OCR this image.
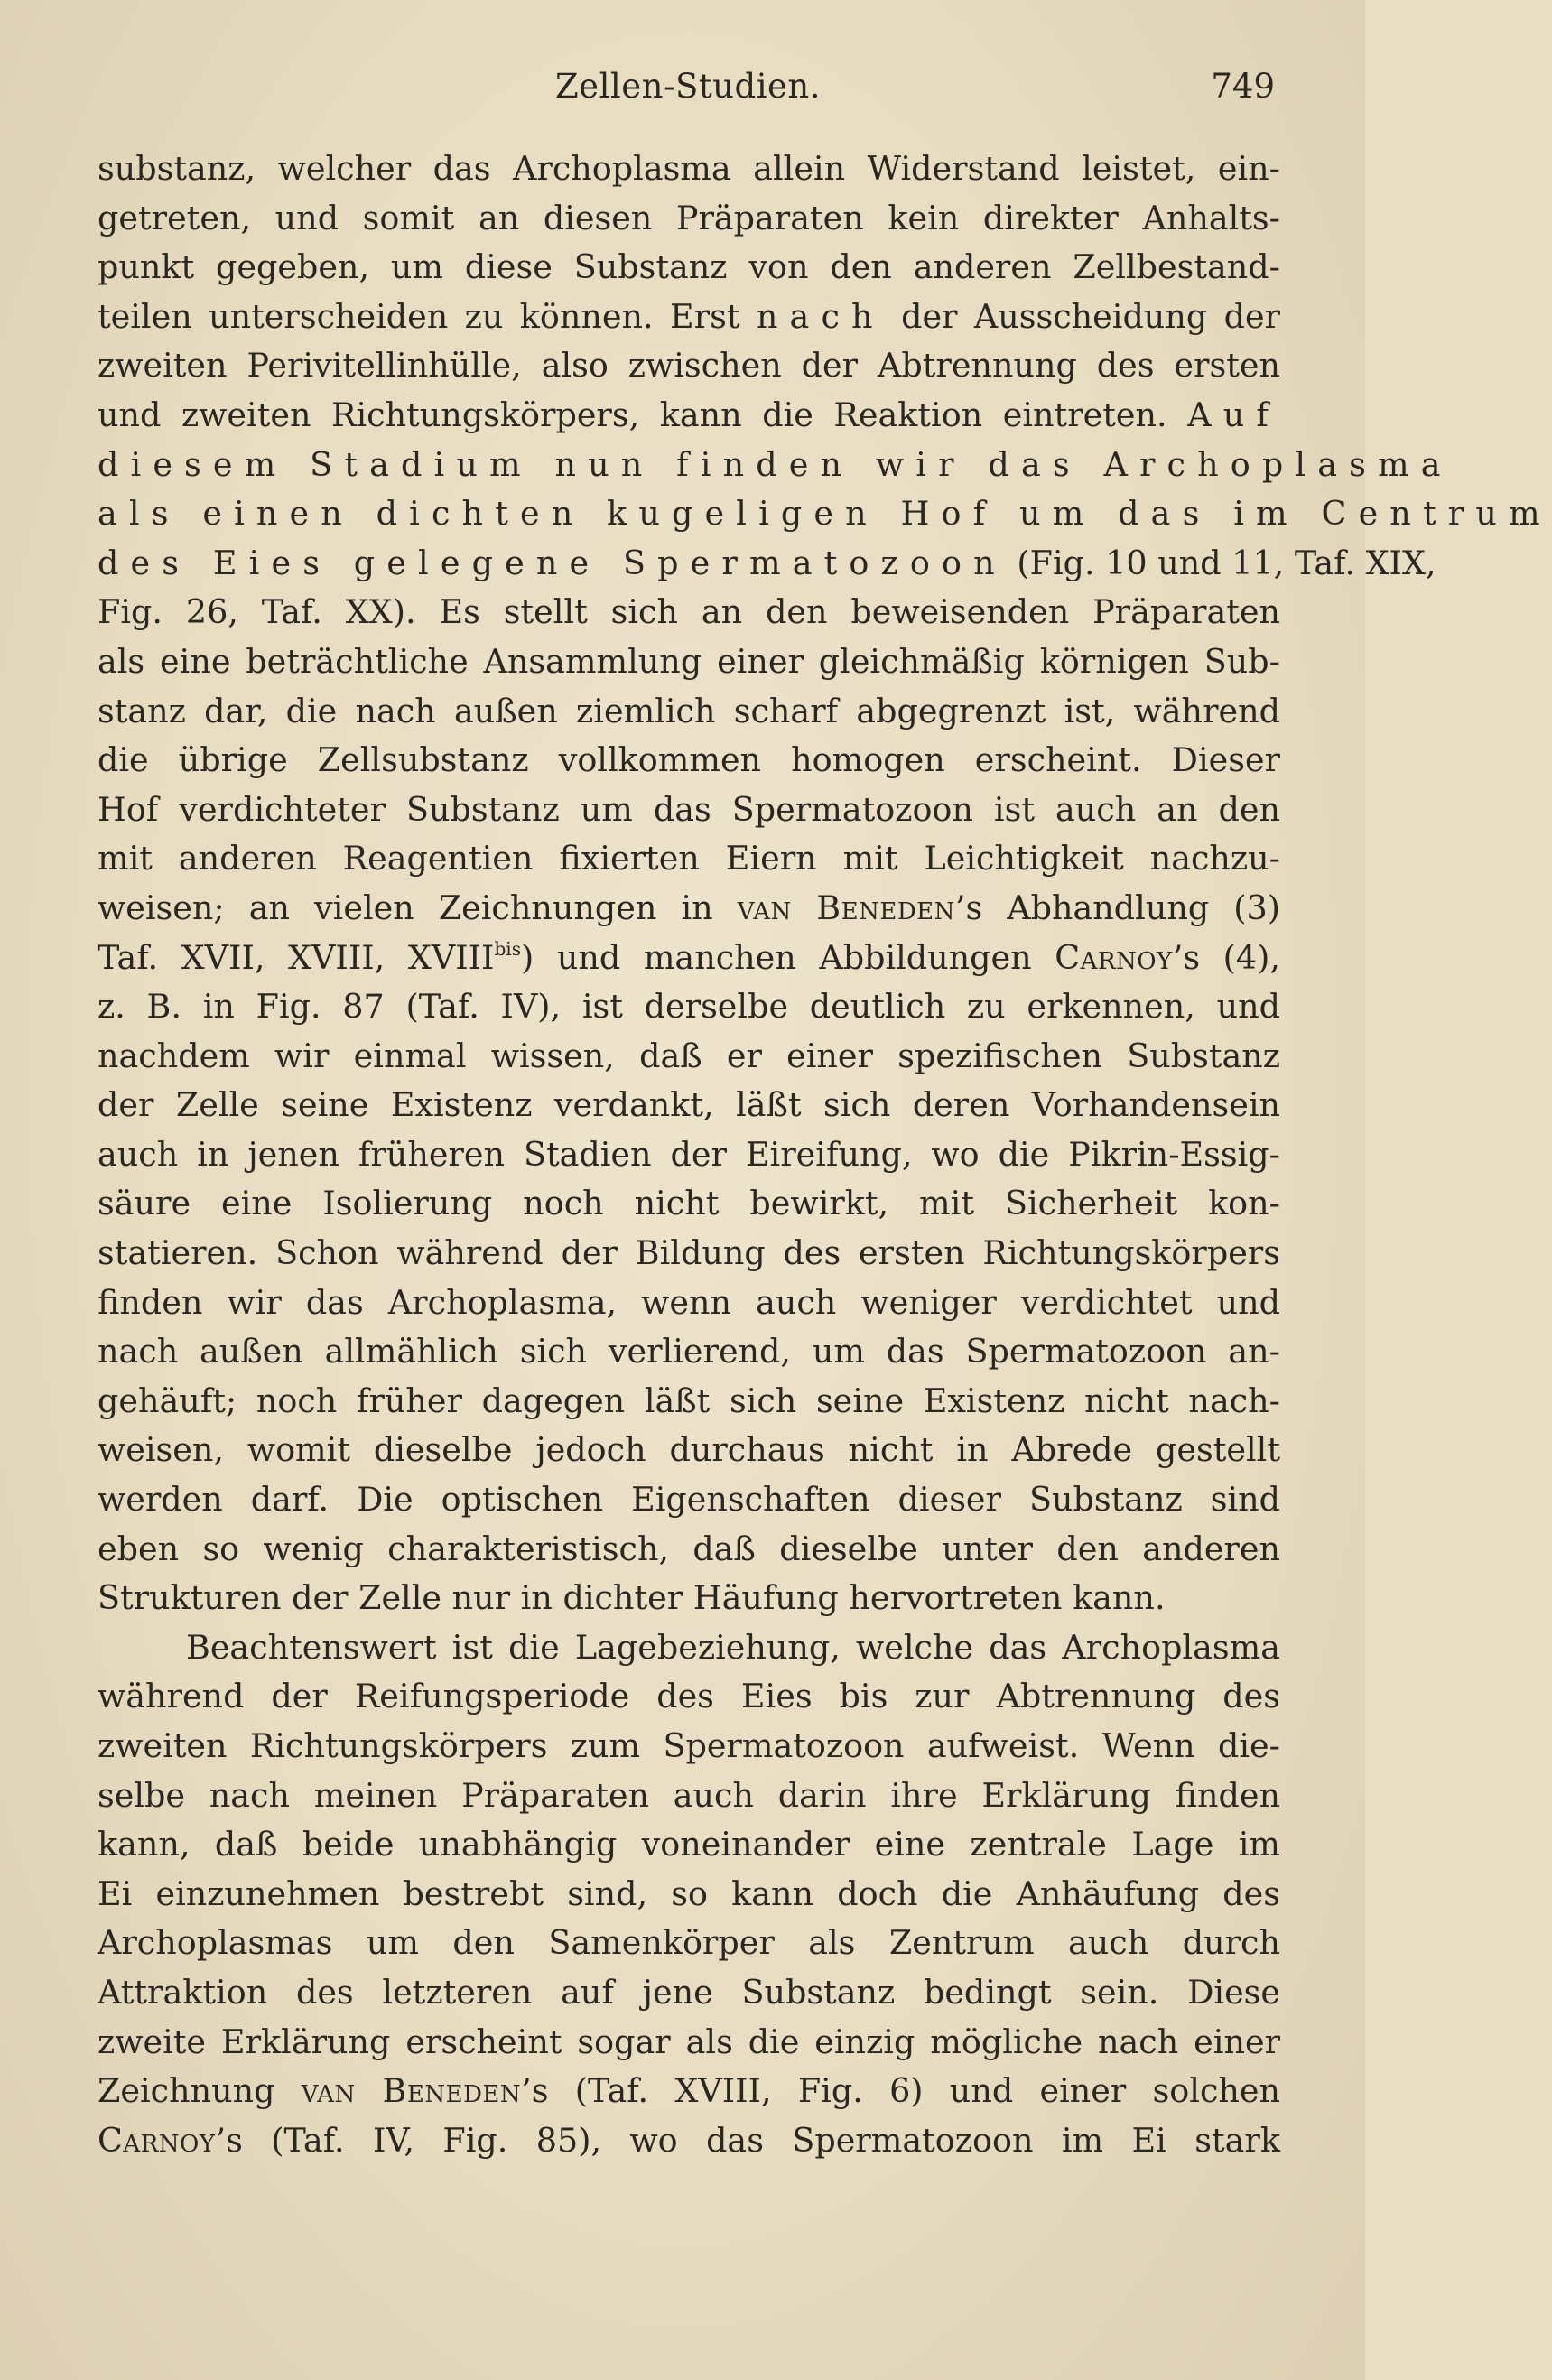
Zellen-Studien.	749
substanz, welcher das Archoplasma allein Widerstand leistet, ein-
getreten, und somit an diesen Präparaten kein direkter Anhalts-
punkt gegeben, um diese Substanz von den anderen Zellbestand-
teilen unterscheiden zu können. Erst nach der Ausscheidung der
zweiten Perivitellinhülle, also zwischen der Abtrennung des ersten
und zweiten Richtungskörpers, kann die Reaktion eintreten. Auf
diesem Stadium nun finden wir das Archoplasma
als einen dichten kugeligen Hof um das im Centrum
des Eies gelegene Spermatozoon (Fig. 10 und 11, Taf. XIX,
Fig. 26, Taf. XX). Es stellt sich an den beweisenden Präparaten
als eine beträchtliche Ansammlung einer gleichmäßig körnigen Sub-
stanz dar, die nach außen ziemlich scharf abgegrenzt ist, während
die übrige Zellsubstanz vollkommen homogen erscheint. Dieser
Hof verdichteter Substanz um das Spermatozoon ist auch an den
mit anderen Reagentien fixierten Eiern mit Leichtigkeit nachzu-
weisen; an vielen Zeichnungen in van Beneden’s Abhandlung (3)
Taf. XVII, XVIII, $XVIII^{bis}$) und manchen Abbildungen Carnoy’s (4),
z. B. in Fig. 87 (Taf. IV), ist derselbe deutlich zu erkennen, und
nachdem wir einmal wissen, daß er einer spezifischen Substanz
der Zelle seine Existenz verdankt, läßt sich deren Vorhandensein
auch in jenen früheren Stadien der Eireifung, wo die Pikrin-Essig-
säure eine Isolierung noch nicht bewirkt, mit Sicherheit kon-
statieren. Schon während der Bildung des ersten Richtungskörpers
finden wir das Archoplasma, wenn auch weniger verdichtet und
nach außen allmählich sich verlierend, um das Spermatozoon an-
gehäuft; noch früher dagegen läßt sich seine Existenz nicht nach-
weisen, womit dieselbe jedoch durchaus nicht in Abrede gestellt
werden darf. Die optischen Eigenschaften dieser Substanz sind
eben so wenig charakteristisch, daß dieselbe unter den anderen
Strukturen der Zelle nur in dichter Häufung hervortreten kann.
Beachtenswert ist die Lagebeziehung, welche das Archoplasma
während der Reifungsperiode des Eies bis zur Abtrennung des
zweiten Richtungskörpers zum Spermatozoon aufweist. Wenn die-
selbe nach meinen Präparaten auch darin ihre Erklärung finden
kann, daß beide unabhängig voneinander eine zentrale Lage im
Ei einzunehmen bestrebt sind, so kann doch die Anhäufung des
Archoplasmas um den Samenkörper als Zentrum auch durch
Attraktion des letzteren auf jene Substanz bedingt sein. Diese
zweite Erklärung erscheint sogar als die einzig mögliche nach einer
Zeichnung van Beneden’s (Taf. XVIII, Fig. 6) und einer solchen
Carnoy’s (Taf. IV, Fig. 85), wo das Spermatozoon im Ei stark
